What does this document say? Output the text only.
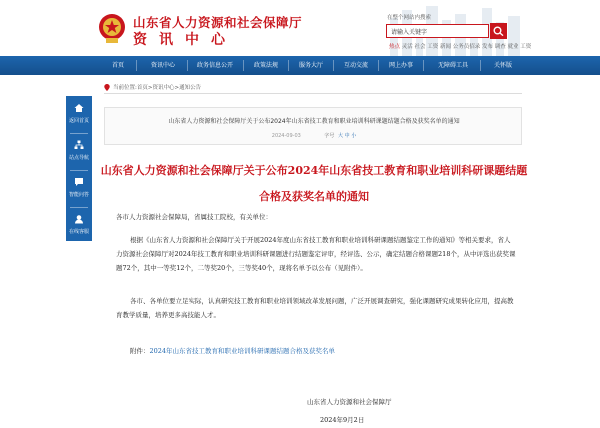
山东省人力资源和社会保障厅
资讯中心
在整个网站内搜索
请输入关键字
热点 灵活 社会 工资 新闻 公务员招录 发布 调查 就业 工资
首页	资讯中心	政务信息公开	政策法规	服务大厅	互动交流	网上办事	无障碍工具	关怀版
返回首页
站点导航
智能问答
在线客服
当前位置:首页>资讯中心>通知公告
山东省人力资源和社会保障厅关于公布2024年山东省技工教育和职业培训科研课题结题合格及获奖名单的通知
2024-09-03	字号 大 中 小
山东省人力资源和社会保障厅关于公布2024年山东省技工教育和职业培训科研课题结题合格及获奖名单的通知
各市人力资源社会保障局，省属技工院校，有关单位：
根据《山东省人力资源和社会保障厅关于开展2024年度山东省技工教育和职业培训科研课题结题鉴定工作的通知》等相关要求，省人力资源社会保障厅对2024年技工教育和职业培训科研课题进行结题鉴定评审，经评选、公示，确定结题合格课题218个，从中评选出获奖课题72个，其中一等奖12个，二等奖20个，三等奖40个，现将名单予以公布（见附件）。
各市、各单位要立足实际，认真研究技工教育和职业培训领域改革发展问题，广泛开展调查研究，强化课题研究成果转化应用，提高教育教学质量，培养更多高技能人才。
附件：2024年山东省技工教育和职业培训科研课题结题合格及获奖名单
山东省人力资源和社会保障厅
2024年9月2日
